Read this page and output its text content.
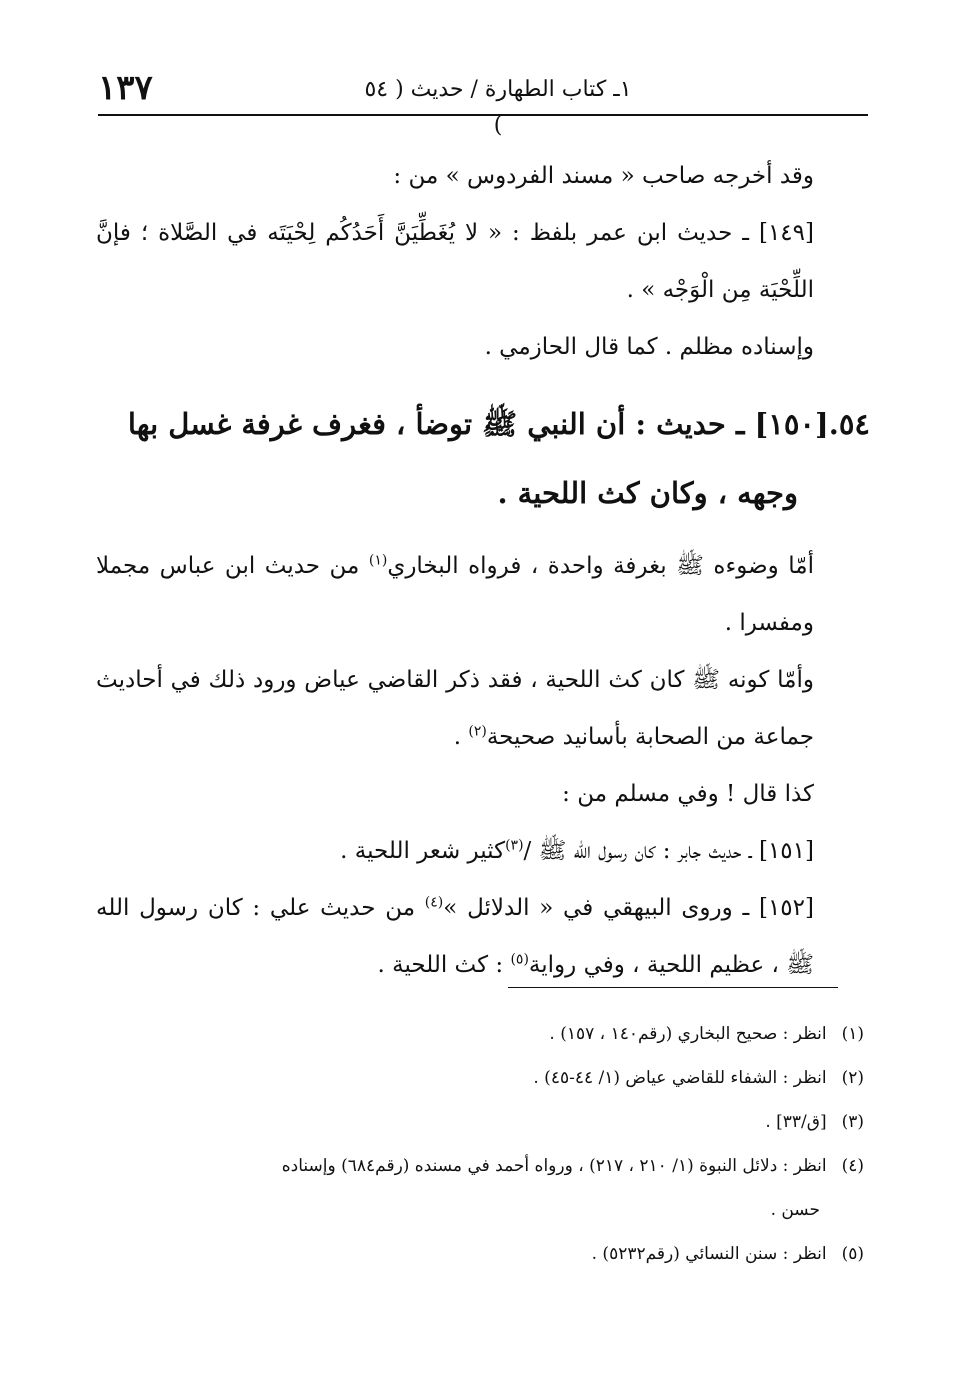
١٣٧	١ـ كتاب الطهارة / حديث ( ٥٤ )

وقد أخرجه صاحب « مسند الفردوس » من :

[١٤٩] ـ حديث ابن عمر بلفظ : « لا يُغَطِّيَنَّ أَحَدُكُم لِحْيَتَه في الصَّلاة ؛ فإنَّ اللِّحْيَة مِن الْوَجْه » .

وإسناده مظلم . كما قال الحازمي .

٥٤.[١٥٠] ـ حديث : أن النبي ﷺ توضأ ، فغرف غرفة غسل بها
وجهه ، وكان كث اللحية .

أمّا وضوءه ﷺ بغرفة واحدة ، فرواه البخاري$^{(١)}$ من حديث ابن عباس مجملا ومفسرا .

وأمّا كونه ﷺ كان كث اللحية ، فقد ذكر القاضي عياض ورود ذلك في أحاديث جماعة من الصحابة بأسانيد صحيحة$^{(٢)}$ .

كذا قال ! وفي مسلم من :

[١٥١] ـ حديث جابر : كان رسول الله ﷺ /$^{(٣)}$كثير شعر اللحية .

[١٥٢] ـ وروى البيهقي في « الدلائل »$^{(٤)}$ من حديث علي : كان رسول الله ﷺ ، عظيم اللحية ، وفي رواية$^{(٥)}$ : كث اللحية .

(١) انظر : صحيح البخاري (رقم١٤٠ ، ١٥٧) .

(٢) انظر : الشفاء للقاضي عياض (١/ ٤٤-٤٥) .

(٣) [ق/٣٣] .

(٤) انظر : دلائل النبوة (١/ ٢١٠ ، ٢١٧) ، ورواه أحمد في مسنده (رقم٦٨٤) وإسناده
حسن .

(٥) انظر : سنن النسائي (رقم٥٢٣٢) .
